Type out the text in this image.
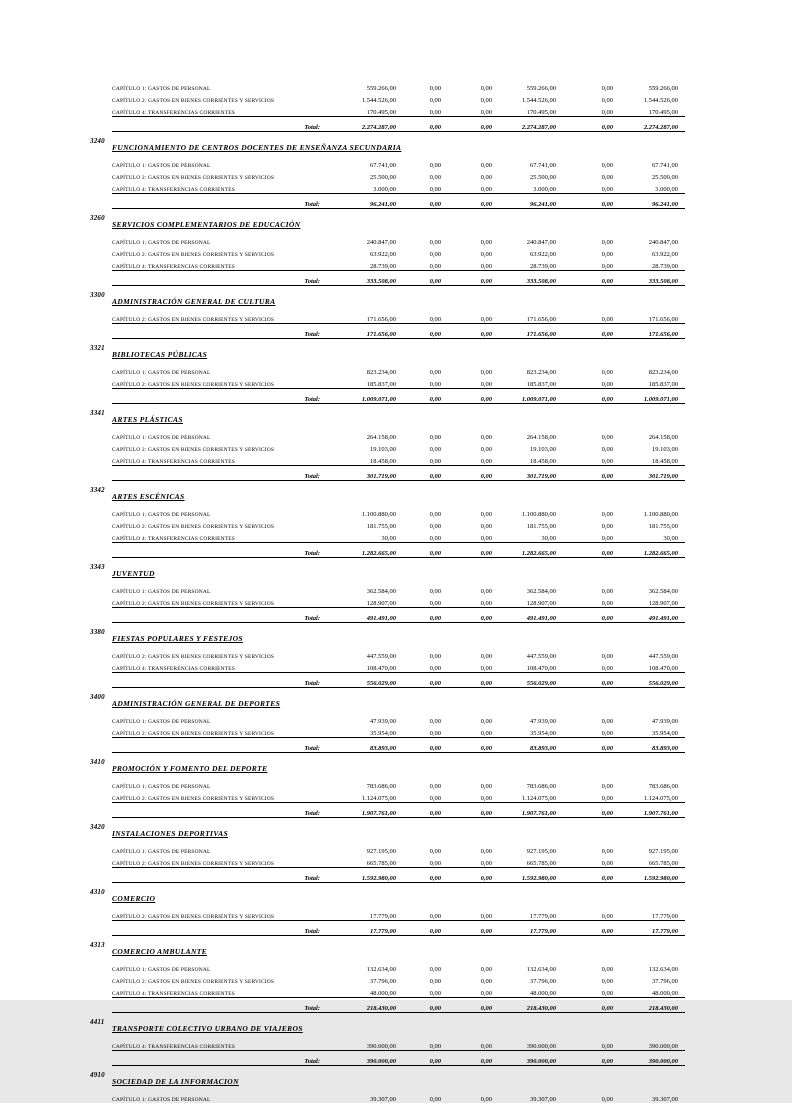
	CAPÍTULO 1: GASTOS DE PERSONAL	559.266,00	0,00	0,00	559.266,00	0,00	559.266,00
	CAPÍTULO 2: GASTOS EN BIENES CORRIENTES Y SERVICIOS	1.544.526,00	0,00	0,00	1.544.526,00	0,00	1.544.526,00
	CAPÍTULO 4: TRANSFERENCIAS CORRIENTES	170.495,00	0,00	0,00	170.495,00	0,00	170.495,00
	Total:	2.274.287,00	0,00	0,00	2.274.287,00	0,00	2.274.287,00
3240	FUNCIONAMIENTO DE CENTROS DOCENTES DE ENSEÑANZA SECUNDARIA						
	CAPÍTULO 1: GASTOS DE PERSONAL	67.741,00	0,00	0,00	67.741,00	0,00	67.741,00
	CAPÍTULO 2: GASTOS EN BIENES CORRIENTES Y SERVICIOS	25.500,00	0,00	0,00	25.500,00	0,00	25.500,00
	CAPÍTULO 4: TRANSFERENCIAS CORRIENTES	3.000,00	0,00	0,00	3.000,00	0,00	3.000,00
	Total:	96.241,00	0,00	0,00	96.241,00	0,00	96.241,00
3260	SERVICIOS COMPLEMENTARIOS DE EDUCACIÓN						
	CAPÍTULO 1: GASTOS DE PERSONAL	240.847,00	0,00	0,00	240.847,00	0,00	240.847,00
	CAPÍTULO 2: GASTOS EN BIENES CORRIENTES Y SERVICIOS	63.922,00	0,00	0,00	63.922,00	0,00	63.922,00
	CAPÍTULO 4: TRANSFERENCIAS CORRIENTES	28.739,00	0,00	0,00	28.739,00	0,00	28.739,00
	Total:	333.508,00	0,00	0,00	333.508,00	0,00	333.508,00
3300	ADMINISTRACIÓN GENERAL DE CULTURA						
	CAPÍTULO 2: GASTOS EN BIENES CORRIENTES Y SERVICIOS	171.656,00	0,00	0,00	171.656,00	0,00	171.656,00
	Total:	171.656,00	0,00	0,00	171.656,00	0,00	171.656,00
3321	BIBLIOTECAS PÚBLICAS						
	CAPÍTULO 1: GASTOS DE PERSONAL	823.234,00	0,00	0,00	823.234,00	0,00	823.234,00
	CAPÍTULO 2: GASTOS EN BIENES CORRIENTES Y SERVICIOS	185.837,00	0,00	0,00	185.837,00	0,00	185.837,00
	Total:	1.009.071,00	0,00	0,00	1.009.071,00	0,00	1.009.071,00
3341	ARTES PLÁSTICAS						
	CAPÍTULO 1: GASTOS DE PERSONAL	264.158,00	0,00	0,00	264.158,00	0,00	264.158,00
	CAPÍTULO 2: GASTOS EN BIENES CORRIENTES Y SERVICIOS	19.103,00	0,00	0,00	19.103,00	0,00	19.103,00
	CAPÍTULO 4: TRANSFERENCIAS CORRIENTES	18.458,00	0,00	0,00	18.458,00	0,00	18.458,00
	Total:	301.719,00	0,00	0,00	301.719,00	0,00	301.719,00
3342	ARTES ESCÉNICAS						
	CAPÍTULO 1: GASTOS DE PERSONAL	1.100.880,00	0,00	0,00	1.100.880,00	0,00	1.100.880,00
	CAPÍTULO 2: GASTOS EN BIENES CORRIENTES Y SERVICIOS	181.755,00	0,00	0,00	181.755,00	0,00	181.755,00
	CAPÍTULO 4: TRANSFERENCIAS CORRIENTES	30,00	0,00	0,00	30,00	0,00	30,00
	Total:	1.282.665,00	0,00	0,00	1.282.665,00	0,00	1.282.665,00
3343	JUVENTUD						
	CAPÍTULO 1: GASTOS DE PERSONAL	362.584,00	0,00	0,00	362.584,00	0,00	362.584,00
	CAPÍTULO 2: GASTOS EN BIENES CORRIENTES Y SERVICIOS	128.907,00	0,00	0,00	128.907,00	0,00	128.907,00
	Total:	491.491,00	0,00	0,00	491.491,00	0,00	491.491,00
3380	FIESTAS POPULARES Y FESTEJOS						
	CAPÍTULO 2: GASTOS EN BIENES CORRIENTES Y SERVICIOS	447.559,00	0,00	0,00	447.559,00	0,00	447.559,00
	CAPÍTULO 4: TRANSFERENCIAS CORRIENTES	108.470,00	0,00	0,00	108.470,00	0,00	108.470,00
	Total:	556.029,00	0,00	0,00	556.029,00	0,00	556.029,00
3400	ADMINISTRACIÓN GENERAL DE DEPORTES						
	CAPÍTULO 1: GASTOS DE PERSONAL	47.939,00	0,00	0,00	47.939,00	0,00	47.939,00
	CAPÍTULO 2: GASTOS EN BIENES CORRIENTES Y SERVICIOS	35.954,00	0,00	0,00	35.954,00	0,00	35.954,00
	Total:	83.893,00	0,00	0,00	83.893,00	0,00	83.893,00
3410	PROMOCIÓN Y FOMENTO DEL DEPORTE						
	CAPÍTULO 1: GASTOS DE PERSONAL	783.686,00	0,00	0,00	783.686,00	0,00	783.686,00
	CAPÍTULO 2: GASTOS EN BIENES CORRIENTES Y SERVICIOS	1.124.075,00	0,00	0,00	1.124.075,00	0,00	1.124.075,00
	Total:	1.907.761,00	0,00	0,00	1.907.761,00	0,00	1.907.761,00
3420	INSTALACIONES DEPORTIVAS						
	CAPÍTULO 1: GASTOS DE PERSONAL	927.195,00	0,00	0,00	927.195,00	0,00	927.195,00
	CAPÍTULO 2: GASTOS EN BIENES CORRIENTES Y SERVICIOS	665.785,00	0,00	0,00	665.785,00	0,00	665.785,00
	Total:	1.592.980,00	0,00	0,00	1.592.980,00	0,00	1.592.980,00
4310	COMERCIO						
	CAPÍTULO 2: GASTOS EN BIENES CORRIENTES Y SERVICIOS	17.779,00	0,00	0,00	17.779,00	0,00	17.779,00
	Total:	17.779,00	0,00	0,00	17.779,00	0,00	17.779,00
4313	COMERCIO AMBULANTE						
	CAPÍTULO 1: GASTOS DE PERSONAL	132.634,00	0,00	0,00	132.634,00	0,00	132.634,00
	CAPÍTULO 2: GASTOS EN BIENES CORRIENTES Y SERVICIOS	37.796,00	0,00	0,00	37.796,00	0,00	37.796,00
	CAPÍTULO 4: TRANSFERENCIAS CORRIENTES	48.000,00	0,00	0,00	48.000,00	0,00	48.000,00
	Total:	218.430,00	0,00	0,00	218.430,00	0,00	218.430,00
4411	TRANSPORTE COLECTIVO URBANO DE VIAJEROS						
	CAPÍTULO 4: TRANSFERENCIAS CORRIENTES	390.000,00	0,00	0,00	390.000,00	0,00	390.000,00
	Total:	390.000,00	0,00	0,00	390.000,00	0,00	390.000,00
4910	SOCIEDAD DE LA INFORMACION						
	CAPÍTULO 1: GASTOS DE PERSONAL	39.307,00	0,00	0,00	39.307,00	0,00	39.307,00
